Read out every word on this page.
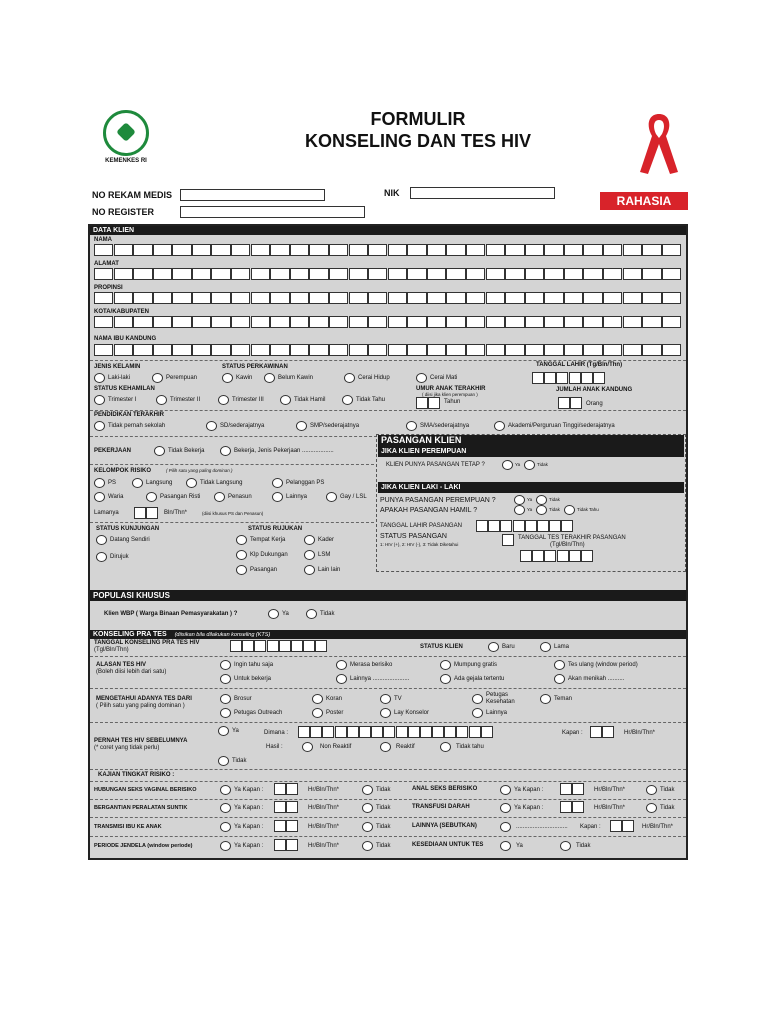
KEMENKES RI
FORMULIR
KONSELING DAN TES HIV
NO REKAM MEDIS
NO REGISTER
NIK
RAHASIA
DATA KLIEN
NAMA
ALAMAT
PROPINSI
KOTA/KABUPATEN
NAMA IBU KANDUNG
JENIS KELAMIN
Laki-laki	Perempuan
STATUS PERKAWINAN
Kawin	Belum Kawin	Cerai Hidup	Cerai Mati
TANGGAL LAHIR (Tg/Bln/Thn)
STATUS KEHAMILAN
Trimester I	Trimester II	Trimester III	Tidak Hamil	Tidak Tahu
UMUR ANAK TERAKHIR
( diisi jika klien perempuan )
Tahun
JUMLAH ANAK KANDUNG
Orang
PENDIDIKAN TERAKHIR
Tidak pernah sekolah	SD/sederajatnya	SMP/sederajatnya	SMA/sederajatnya	Akademi/Perguruan Tinggi/sederajatnya
PEKERJAAN	Tidak Bekerja	Bekerja, Jenis Pekerjaan ...................
KELOMPOK RISIKO	( Pilih satu yang paling dominan )
PS	Langsung	Tidak Langsung	Pelanggan PS
Waria	Pasangan Risti	Penasun	Lainnya	Gay / LSL
Lamanya	Bln/Thn*	(diisi khusus PS dan Penasun)
STATUS KUNJUNGAN
Datang Sendiri
Dirujuk
STATUS RUJUKAN
Tempat Kerja	Kader
Klp Dukungan	LSM
Pasangan	Lain lain
PASANGAN KLIEN
JIKA KLIEN PEREMPUAN
KLIEN PUNYA PASANGAN TETAP ?	Ya	Tidak
JIKA KLIEN LAKI - LAKI
PUNYA PASANGAN PEREMPUAN ?	Ya	Tidak
APAKAH PASANGAN HAMIL ?	Ya	Tidak	Tidak Tahu
TANGGAL LAHIR PASANGAN
STATUS PASANGAN
1: HIV (+), 2: HIV (-), 3: Tidak Diketahui
TANGGAL TES TERAKHIR PASANGAN
(Tgl/Bln/Thn)
POPULASI KHUSUS
Klien WBP ( Warga Binaan Pemasyarakatan ) ?	Ya	Tidak
KONSELING PRA TES (diisikan bila dilakukan konseling (KTS)
TANGGAL KONSELING PRA TES HIV
(Tgl/Bln/Thn)	STATUS KLIEN	Baru	Lama
ALASAN TES HIV
(Boleh diisi lebih dari satu)
Ingin tahu saja	Merasa berisiko	Mumpung gratis	Tes ulang (window period)
Untuk bekerja	Lainnya ......................	Ada gejala tertentu	Akan menikah ..........
MENGETAHUI ADANYA TES DARI
( Pilih satu yang paling dominan )
Brosur	Koran	TV
Petugas Kesehatan	Teman
Petugas Outreach	Poster	Lay Konselor	Lainnya
PERNAH TES HIV SEBELUMNYA
(* coret yang tidak perlu)
Ya	Dimana :	Kapan :	Hr/Bln/Thn*
Hasil :	Non Reaktif	Reaktif	Tidak tahu
Tidak
KAJIAN TINGKAT RISIKO :
HUBUNGAN SEKS VAGINAL BERISIKO	Ya Kapan :	Hr/Bln/Thn*	Tidak	ANAL SEKS BERISIKO	Ya Kapan :	Hr/Bln/Thn*	Tidak
BERGANTIAN PERALATAN SUNTIK	Ya Kapan :	Hr/Bln/Thn*	Tidak	TRANSFUSI DARAH	Ya Kapan :	Hr/Bln/Thn*	Tidak
TRANSMISI IBU KE ANAK	Ya Kapan :	Hr/Bln/Thn*	Tidak	LAINNYA (SEBUTKAN)	............................... Kapan :	Hr/Bln/Thn*
PERIODE JENDELA (window periode)	Ya Kapan :	Hr/Bln/Thn*	Tidak	KESEDIAAN UNTUK TES	Ya	Tidak
